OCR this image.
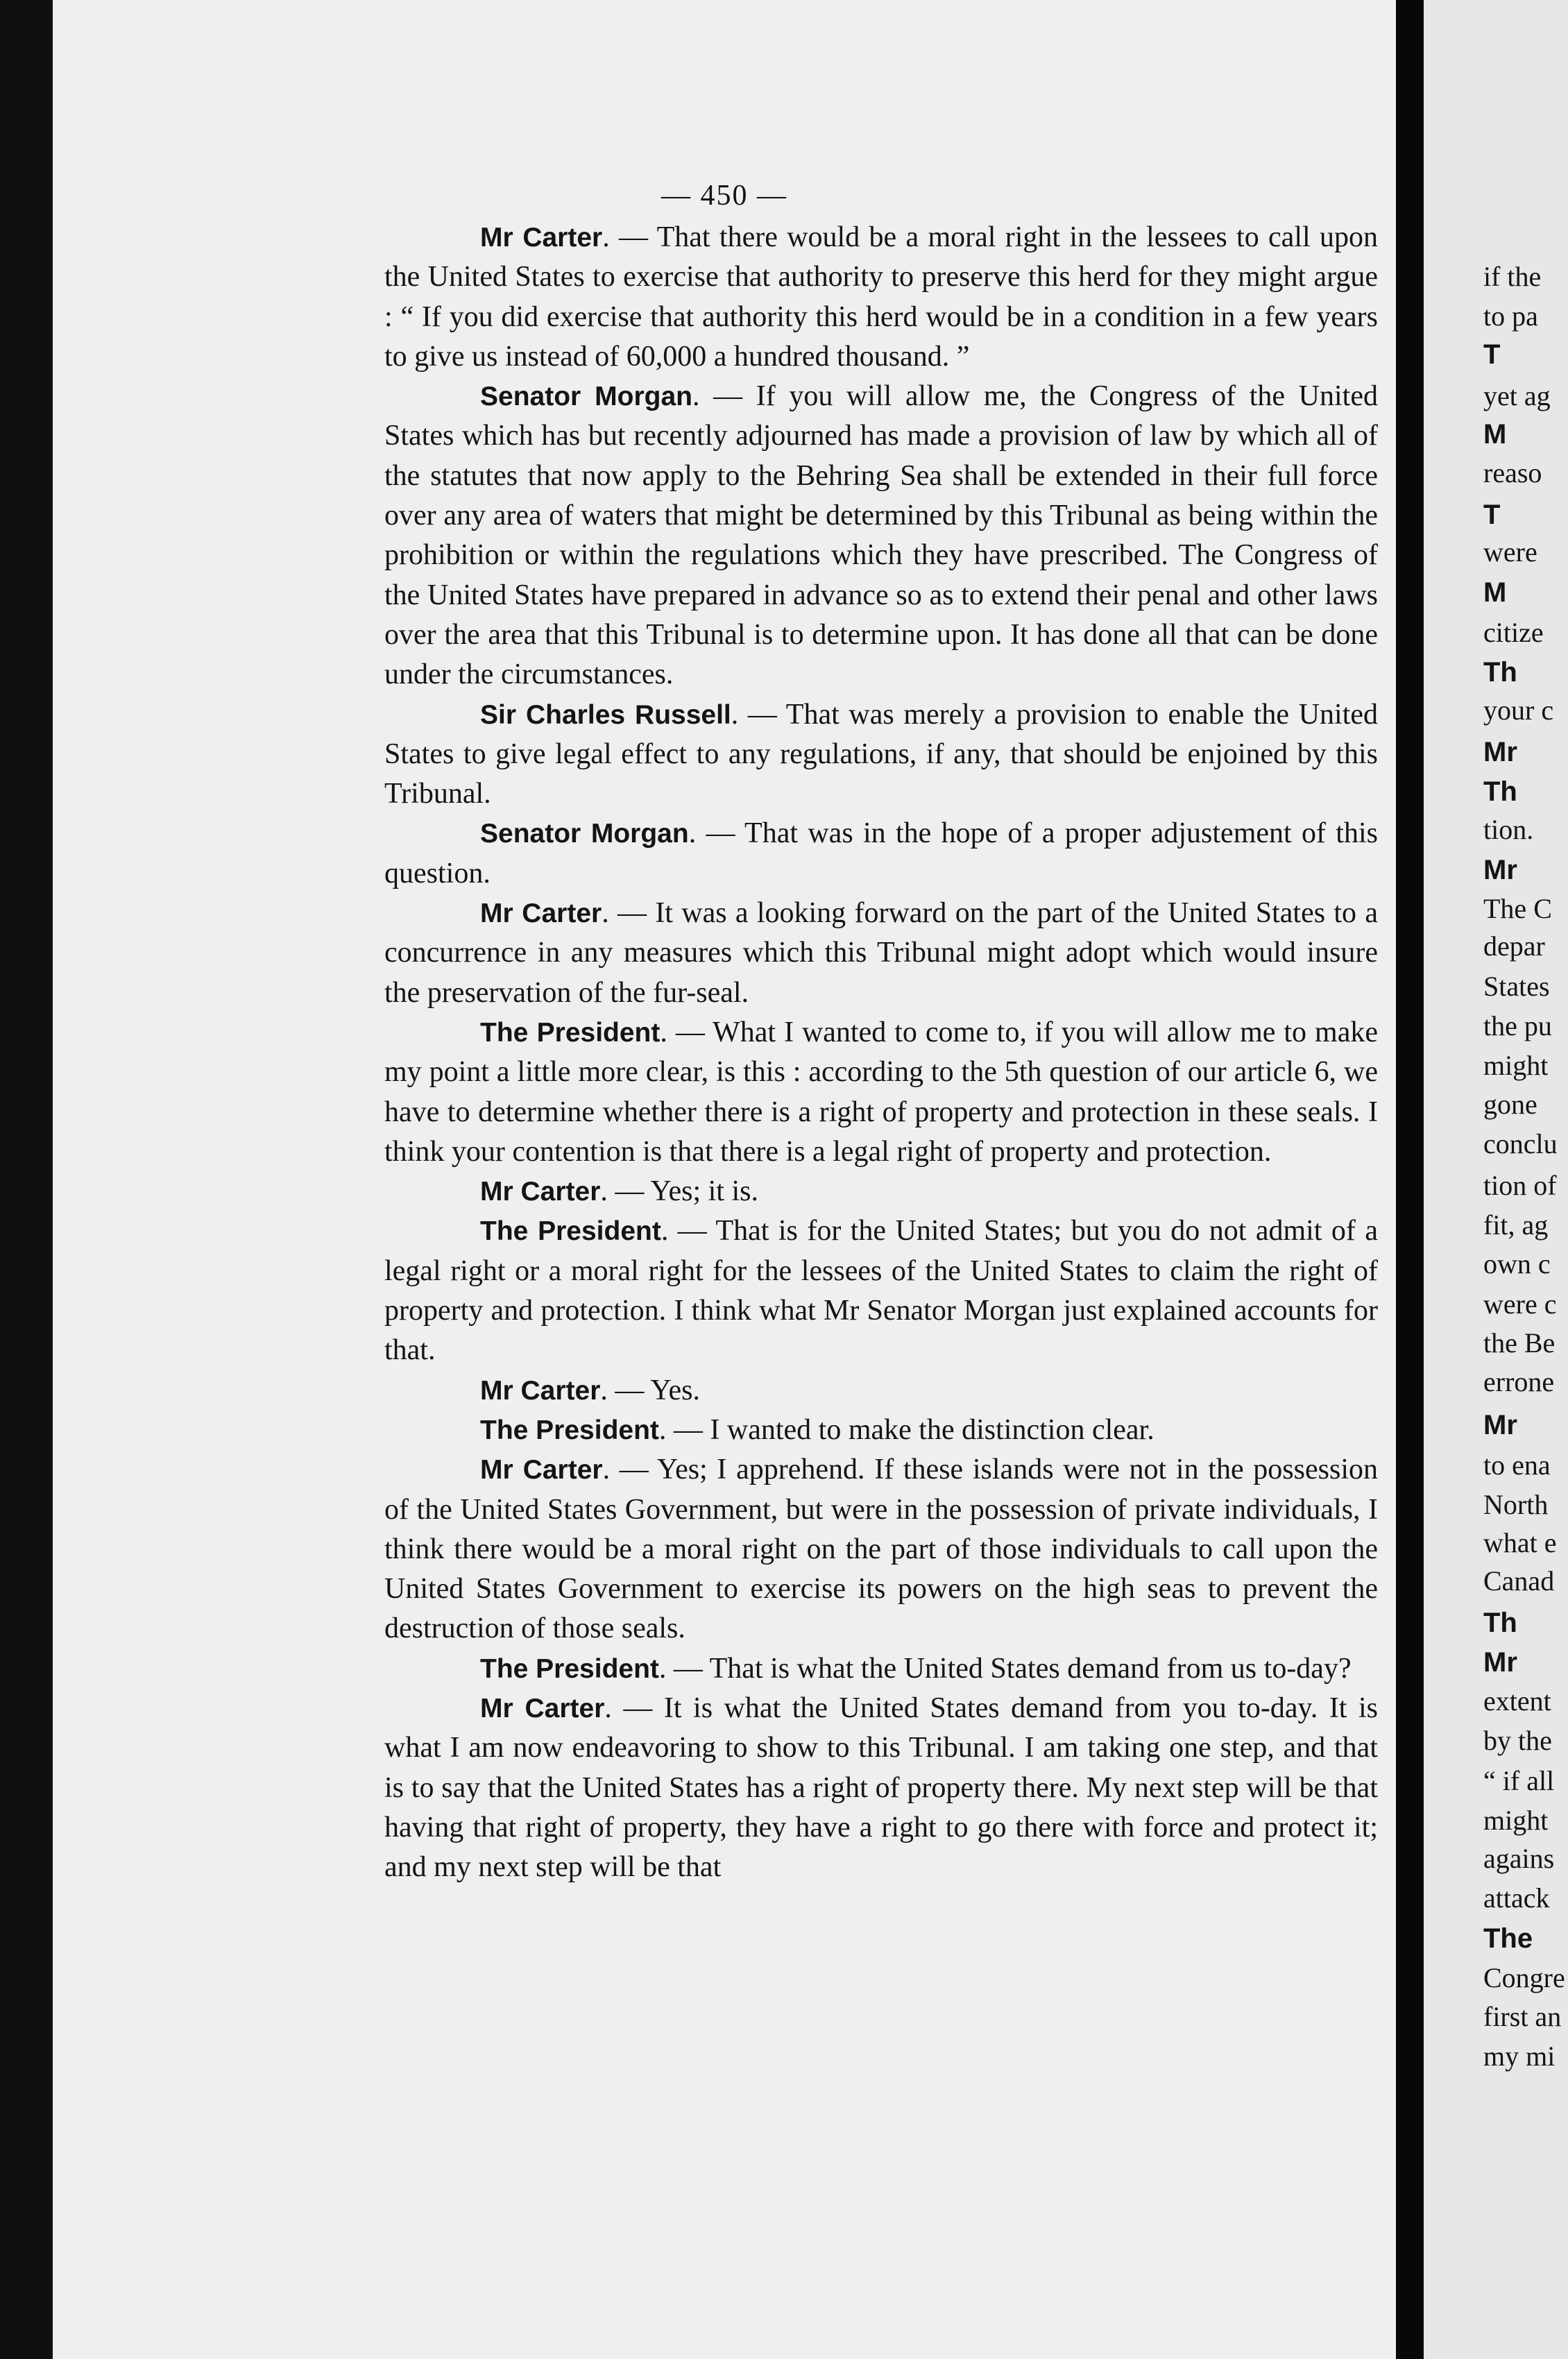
— 450 —

Mr Carter. — That there would be a moral right in the lessees to call upon the United States to exercise that authority to preserve this herd for they might argue : “ If you did exercise that authority this herd would be in a condition in a few years to give us instead of 60,000 a hundred thousand. ”

Senator Morgan. — If you will allow me, the Congress of the United States which has but recently adjourned has made a provision of law by which all of the statutes that now apply to the Behring Sea shall be extended in their full force over any area of waters that might be determined by this Tribunal as being within the prohibition or within the regulations which they have prescribed. The Congress of the United States have prepared in advance so as to extend their penal and other laws over the area that this Tribunal is to determine upon. It has done all that can be done under the circumstances.

Sir Charles Russell. — That was merely a provision to enable the United States to give legal effect to any regulations, if any, that should be enjoined by this Tribunal.

Senator Morgan. — That was in the hope of a proper adjustement of this question.

Mr Carter. — It was a looking forward on the part of the United States to a concurrence in any measures which this Tribunal might adopt which would insure the preservation of the fur-seal.

The President. — What I wanted to come to, if you will allow me to make my point a little more clear, is this : according to the 5th question of our article 6, we have to determine whether there is a right of property and protection in these seals. I think your contention is that there is a legal right of property and protection.

Mr Carter. — Yes; it is.

The President. — That is for the United States; but you do not admit of a legal right or a moral right for the lessees of the United States to claim the right of property and protection. I think what Mr Senator Morgan just explained accounts for that.

Mr Carter. — Yes.

The President. — I wanted to make the distinction clear.

Mr Carter. — Yes; I apprehend. If these islands were not in the possession of the United States Government, but were in the possession of private individuals, I think there would be a moral right on the part of those individuals to call upon the United States Government to exercise its powers on the high seas to prevent the destruction of those seals.

The President. — That is what the United States demand from us to-day?

Mr Carter. — It is what the United States demand from you to-day. It is what I am now endeavoring to show to this Tribunal. I am taking one step, and that is to say that the United States has a right of property there. My next step will be that having that right of property, they have a right to go there with force and protect it; and my next step will be that

if the
to pa
T
yet ag
M
reaso
T
were
M
citize
Th
your c
Mr
Th
tion.
Mr
The C
depar
States
the pu
might
gone
conclu
tion of
fit, ag
own c
were c
the Be
errone
Mr
to ena
North
what e
Canad
Th
Mr
extent
by the
“ if all
might
agains
attack
The
Congre
first an
my mi
